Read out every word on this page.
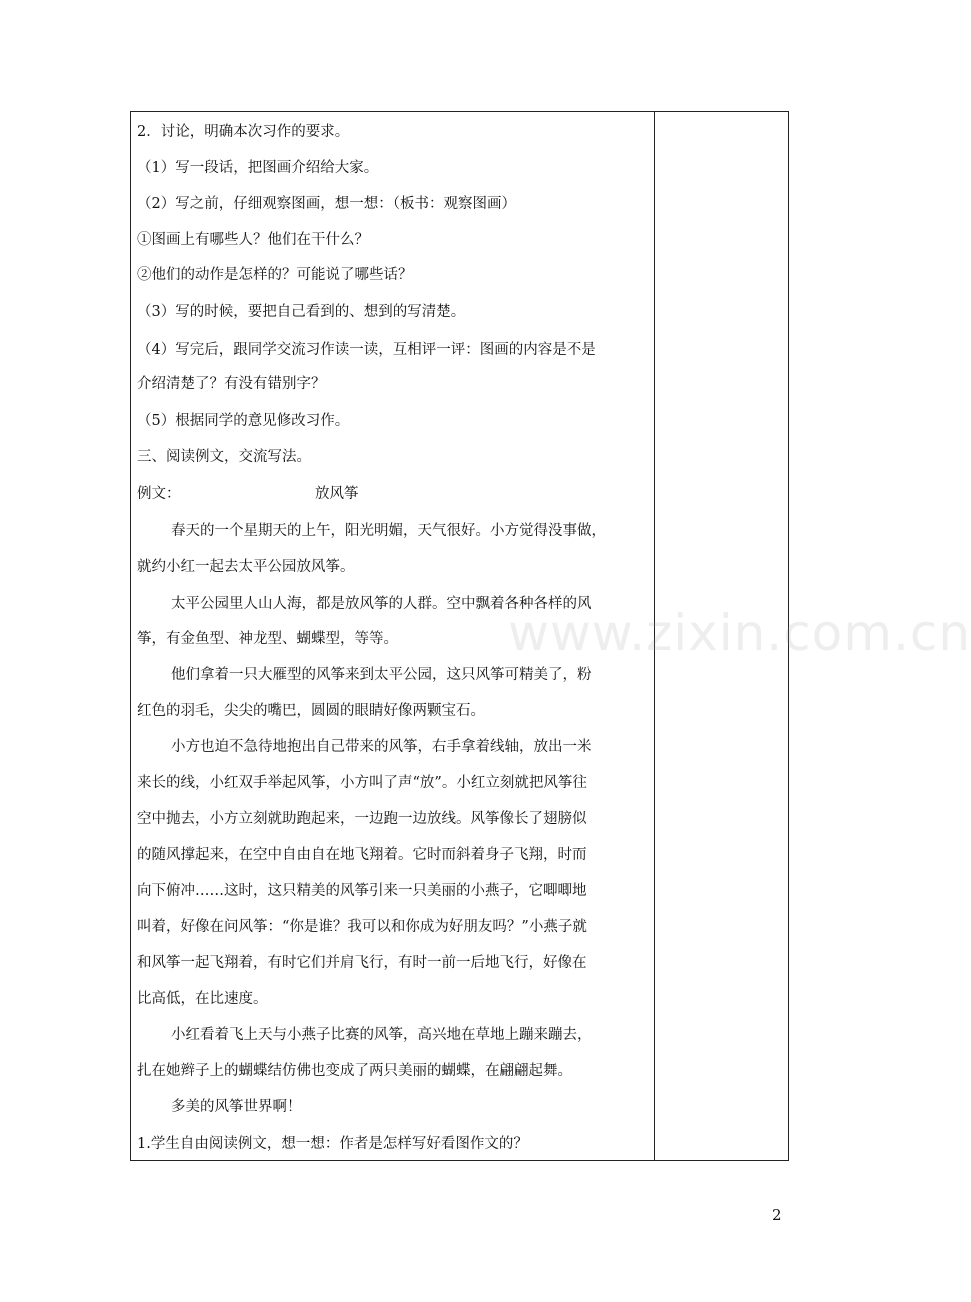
2．讨论，明确本次习作的要求。
（1）写一段话，把图画介绍给大家。
（2）写之前，仔细观察图画，想一想：（板书：观察图画）
①图画上有哪些人？他们在干什么？
②他们的动作是怎样的？可能说了哪些话？
（3）写的时候，要把自己看到的、想到的写清楚。
（4）写完后，跟同学交流习作读一读，互相评一评：图画的内容是不是
介绍清楚了？有没有错别字？
（5）根据同学的意见修改习作。
三、阅读例文，交流写法。
例文：	放风筝
春天的一个星期天的上午，阳光明媚，天气很好。小方觉得没事做，
就约小红一起去太平公园放风筝。
太平公园里人山人海，都是放风筝的人群。空中飘着各种各样的风
筝，有金鱼型、神龙型、蝴蝶型，等等。
他们拿着一只大雁型的风筝来到太平公园，这只风筝可精美了，粉
红色的羽毛，尖尖的嘴巴，圆圆的眼睛好像两颗宝石。
小方也迫不急待地抱出自己带来的风筝，右手拿着线轴，放出一米
来长的线，小红双手举起风筝，小方叫了声“放”。小红立刻就把风筝往
空中抛去，小方立刻就助跑起来，一边跑一边放线。风筝像长了翅膀似
的随风撑起来，在空中自由自在地飞翔着。它时而斜着身子飞翔，时而
向下俯冲……这时，这只精美的风筝引来一只美丽的小燕子，它唧唧地
叫着，好像在问风筝：“你是谁？我可以和你成为好朋友吗？”小燕子就
和风筝一起飞翔着，有时它们并肩飞行，有时一前一后地飞行，好像在
比高低，在比速度。
小红看着飞上天与小燕子比赛的风筝，高兴地在草地上蹦来蹦去，
扎在她辫子上的蝴蝶结仿佛也变成了两只美丽的蝴蝶，在翩翩起舞。
多美的风筝世界啊！
1.学生自由阅读例文，想一想：作者是怎样写好看图作文的？
www.zixin.com.cn
2
